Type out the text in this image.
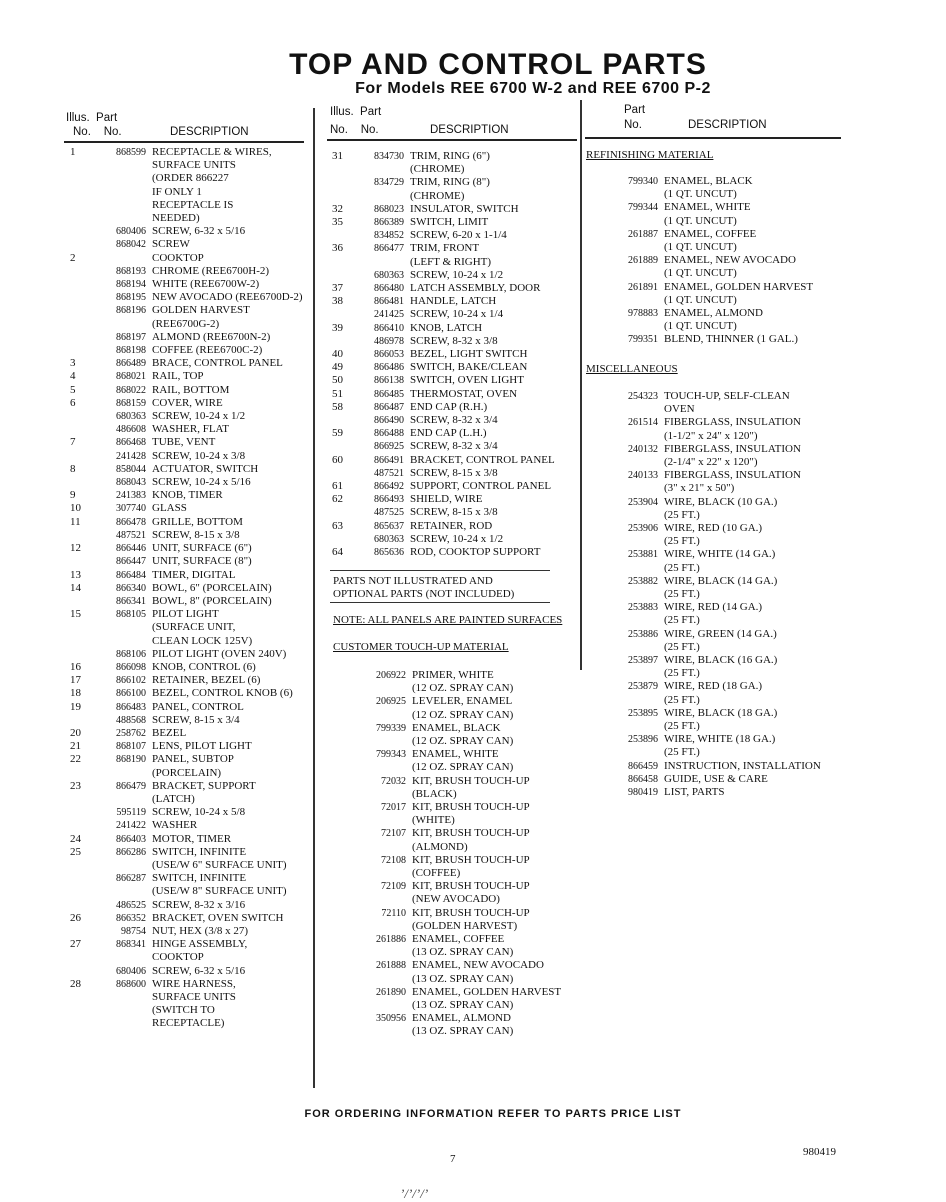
TOP AND CONTROL PARTS
For Models REE 6700 W-2 and REE 6700 P-2
Illus. Part
No. No.	DESCRIPTION
Illus. Part
No. No.	DESCRIPTION
Part
No.	DESCRIPTION
1	868599 RECEPTACLE & WIRES,
SURFACE UNITS
(ORDER 866227
IF ONLY 1
RECEPTACLE IS
NEEDED)
680406 SCREW, 6-32 x 5/16
868042 SCREW
2	COOKTOP
868193 CHROME (REE6700H-2)
868194 WHITE (REE6700W-2)
868195 NEW AVOCADO (REE6700D-2)
868196 GOLDEN HARVEST
(REE6700G-2)
868197 ALMOND (REE6700N-2)
868198 COFFEE (REE6700C-2)
3	866489 BRACE, CONTROL PANEL
4	868021 RAIL, TOP
5	868022 RAIL, BOTTOM
6	868159 COVER, WIRE
680363 SCREW, 10-24 x 1/2
486608 WASHER, FLAT
7	866468 TUBE, VENT
241428 SCREW, 10-24 x 3/8
8	858044 ACTUATOR, SWITCH
868043 SCREW, 10-24 x 5/16
9	241383 KNOB, TIMER
10	307740 GLASS
11	866478 GRILLE, BOTTOM
487521 SCREW, 8-15 x 3/8
12	866446 UNIT, SURFACE (6")
866447 UNIT, SURFACE (8")
13	866484 TIMER, DIGITAL
14	866340 BOWL, 6" (PORCELAIN)
866341 BOWL, 8" (PORCELAIN)
15	868105 PILOT LIGHT
(SURFACE UNIT,
CLEAN LOCK 125V)
868106 PILOT LIGHT (OVEN 240V)
16	866098 KNOB, CONTROL (6)
17	866102 RETAINER, BEZEL (6)
18	866100 BEZEL, CONTROL KNOB (6)
19	866483 PANEL, CONTROL
488568 SCREW, 8-15 x 3/4
20	258762 BEZEL
21	868107 LENS, PILOT LIGHT
22	868190 PANEL, SUBTOP
(PORCELAIN)
23	866479 BRACKET, SUPPORT
(LATCH)
595119 SCREW, 10-24 x 5/8
241422 WASHER
24	866403 MOTOR, TIMER
25	866286 SWITCH, INFINITE
(USE/W 6" SURFACE UNIT)
866287 SWITCH, INFINITE
(USE/W 8" SURFACE UNIT)
486525 SCREW, 8-32 x 3/16
26	866352 BRACKET, OVEN SWITCH
98754 NUT, HEX (3/8 x 27)
27	868341 HINGE ASSEMBLY,
COOKTOP
680406 SCREW, 6-32 x 5/16
28	868600 WIRE HARNESS,
SURFACE UNITS
(SWITCH TO
RECEPTACLE)
31	834730 TRIM, RING (6")
(CHROME)
834729 TRIM, RING (8")
(CHROME)
32	868023 INSULATOR, SWITCH
35	866389 SWITCH, LIMIT
834852 SCREW, 6-20 x 1-1/4
36	866477 TRIM, FRONT
(LEFT & RIGHT)
680363 SCREW, 10-24 x 1/2
37	866480 LATCH ASSEMBLY, DOOR
38	866481 HANDLE, LATCH
241425 SCREW, 10-24 x 1/4
39	866410 KNOB, LATCH
486978 SCREW, 8-32 x 3/8
40	866053 BEZEL, LIGHT SWITCH
49	866486 SWITCH, BAKE/CLEAN
50	866138 SWITCH, OVEN LIGHT
51	866485 THERMOSTAT, OVEN
58	866487 END CAP (R.H.)
866490 SCREW, 8-32 x 3/4
59	866488 END CAP (L.H.)
866925 SCREW, 8-32 x 3/4
60	866491 BRACKET, CONTROL PANEL
487521 SCREW, 8-15 x 3/8
61	866492 SUPPORT, CONTROL PANEL
62	866493 SHIELD, WIRE
487525 SCREW, 8-15 x 3/8
63	865637 RETAINER, ROD
680363 SCREW, 10-24 x 1/2
64	865636 ROD, COOKTOP SUPPORT
PARTS NOT ILLUSTRATED AND
OPTIONAL PARTS (NOT INCLUDED)
NOTE: ALL PANELS ARE PAINTED SURFACES
CUSTOMER TOUCH-UP MATERIAL
206922 PRIMER, WHITE
(12 OZ. SPRAY CAN)
206925 LEVELER, ENAMEL
(12 OZ. SPRAY CAN)
799339 ENAMEL, BLACK
(12 OZ. SPRAY CAN)
799343 ENAMEL, WHITE
(12 OZ. SPRAY CAN)
72032 KIT, BRUSH TOUCH-UP
(BLACK)
72017 KIT, BRUSH TOUCH-UP
(WHITE)
72107 KIT, BRUSH TOUCH-UP
(ALMOND)
72108 KIT, BRUSH TOUCH-UP
(COFFEE)
72109 KIT, BRUSH TOUCH-UP
(NEW AVOCADO)
72110 KIT, BRUSH TOUCH-UP
(GOLDEN HARVEST)
261886 ENAMEL, COFFEE
(13 OZ. SPRAY CAN)
261888 ENAMEL, NEW AVOCADO
(13 OZ. SPRAY CAN)
261890 ENAMEL, GOLDEN HARVEST
(13 OZ. SPRAY CAN)
350956 ENAMEL, ALMOND
(13 OZ. SPRAY CAN)
REFINISHING MATERIAL
799340 ENAMEL, BLACK
(1 QT. UNCUT)
799344 ENAMEL, WHITE
(1 QT. UNCUT)
261887 ENAMEL, COFFEE
(1 QT. UNCUT)
261889 ENAMEL, NEW AVOCADO
(1 QT. UNCUT)
261891 ENAMEL, GOLDEN HARVEST
(1 QT. UNCUT)
978883 ENAMEL, ALMOND
(1 QT. UNCUT)
799351 BLEND, THINNER (1 GAL.)
MISCELLANEOUS
254323 TOUCH-UP, SELF-CLEAN
OVEN
261514 FIBERGLASS, INSULATION
(1-1/2" x 24" x 120")
240132 FIBERGLASS, INSULATION
(2-1/4" x 22" x 120")
240133 FIBERGLASS, INSULATION
(3" x 21" x 50")
253904 WIRE, BLACK (10 GA.)
(25 FT.)
253906 WIRE, RED (10 GA.)
(25 FT.)
253881 WIRE, WHITE (14 GA.)
(25 FT.)
253882 WIRE, BLACK (14 GA.)
(25 FT.)
253883 WIRE, RED (14 GA.)
(25 FT.)
253886 WIRE, GREEN (14 GA.)
(25 FT.)
253897 WIRE, BLACK (16 GA.)
(25 FT.)
253879 WIRE, RED (18 GA.)
(25 FT.)
253895 WIRE, BLACK (18 GA.)
(25 FT.)
253896 WIRE, WHITE (18 GA.)
(25 FT.)
866459 INSTRUCTION, INSTALLATION
866458 GUIDE, USE & CARE
980419 LIST, PARTS
FOR ORDERING INFORMATION REFER TO PARTS PRICE LIST
7
980419
ʼ/ʼ/ʼ/ʼ
